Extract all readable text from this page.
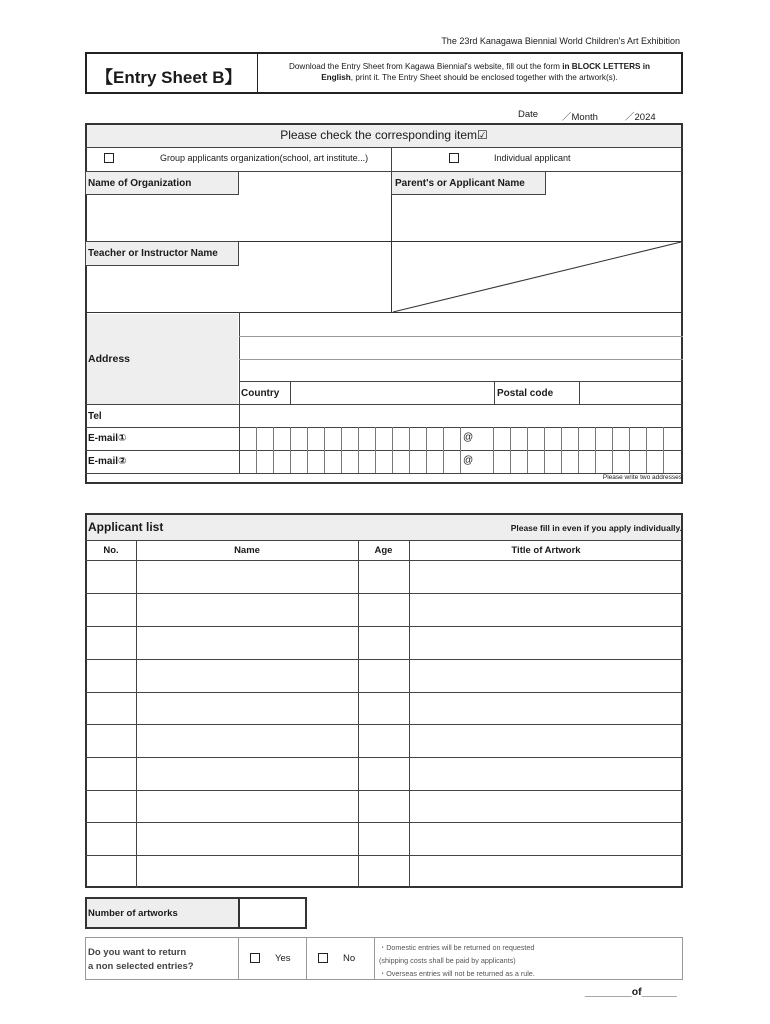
The 23rd Kanagawa Biennial World Children's Art Exhibition
【Entry Sheet B】
Download the Entry Sheet from Kagawa Biennial's website, fill out the form in BLOCK LETTERS in
English, print it. The Entry Sheet should be enclosed together with the artwork(s).
Date	／Month	／2024
Please check the corresponding item☑
Group applicants organization(school, art institute...)	Individual applicant
Name of Organization	Parent's or Applicant Name
Teacher or Instructor Name
Address
Country	Postal code
Tel
E-mail①	@
E-mail②	@
Please write two addresses
Applicant list	Please fill in even if you apply individually.
No.	Name	Age	Title of Artwork
Number of artworks
Do you want to return
a non selected entries?
Yes	No
・Domestic entries will be returned on requested
(shipping costs shall be paid by applicants)
・Overseas entries will not be returned as a rule.
________of______
